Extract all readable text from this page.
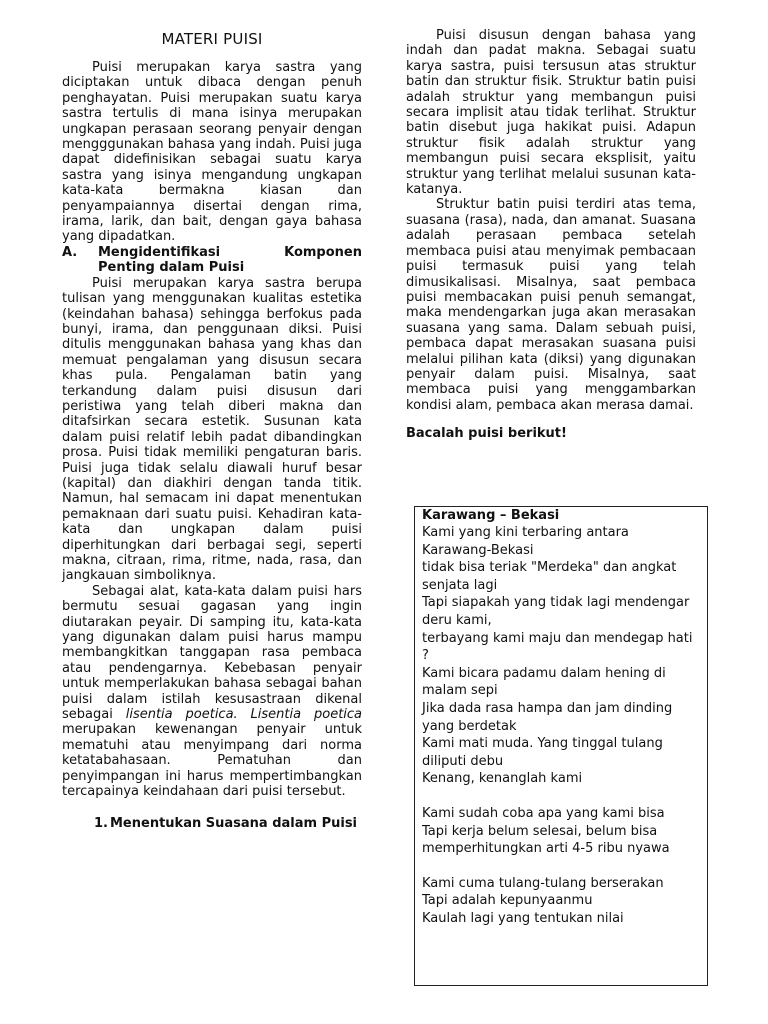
MATERI PUISI

Puisi merupakan karya sastra yang diciptakan untuk dibaca dengan penuh penghayatan. Puisi merupakan suatu karya sastra tertulis di mana isinya merupakan ungkapan perasaan seorang penyair dengan mengggunakan bahasa yang indah. Puisi juga dapat didefinisikan sebagai suatu karya sastra yang isinya mengandung ungkapan kata-kata bermakna kiasan dan penyampaiannya disertai dengan rima, irama, larik, dan bait, dengan gaya bahasa yang dipadatkan.

A.	Mengidentifikasi Komponen Penting dalam Puisi

Puisi merupakan karya sastra berupa tulisan yang menggunakan kualitas estetika (keindahan bahasa) sehingga berfokus pada bunyi, irama, dan penggunaan diksi. Puisi ditulis menggunakan bahasa yang khas dan memuat pengalaman yang disusun secara khas pula. Pengalaman batin yang terkandung dalam puisi disusun dari peristiwa yang telah diberi makna dan ditafsirkan secara estetik. Susunan kata dalam puisi relatif lebih padat dibandingkan prosa. Puisi tidak memiliki pengaturan baris. Puisi juga tidak selalu diawali huruf besar (kapital) dan diakhiri dengan tanda titik. Namun, hal semacam ini dapat menentukan pemaknaan dari suatu puisi. Kehadiran kata-kata dan ungkapan dalam puisi diperhitungkan dari berbagai segi, seperti makna, citraan, rima, ritme, nada, rasa, dan jangkauan simboliknya.

Sebagai alat, kata-kata dalam puisi hars bermutu sesuai gagasan yang ingin diutarakan peyair. Di samping itu, kata-kata yang digunakan dalam puisi harus mampu membangkitkan tanggapan rasa pembaca atau pendengarnya. Kebebasan penyair untuk memperlakukan bahasa sebagai bahan puisi dalam istilah kesusastraan dikenal sebagai lisentia poetica. Lisentia poetica merupakan kewenangan penyair untuk mematuhi atau menyimpang dari norma ketatabahasaan. Pematuhan dan penyimpangan ini harus mempertimbangkan tercapainya keindahaan dari puisi tersebut.

1. Menentukan Suasana dalam Puisi

Puisi disusun dengan bahasa yang indah dan padat makna. Sebagai suatu karya sastra, puisi tersusun atas struktur batin dan struktur fisik. Struktur batin puisi adalah struktur yang membangun puisi secara implisit atau tidak terlihat. Struktur batin disebut juga hakikat puisi. Adapun struktur fisik adalah struktur yang membangun puisi secara eksplisit, yaitu struktur yang terlihat melalui susunan kata-katanya.

Struktur batin puisi terdiri atas tema, suasana (rasa), nada, dan amanat. Suasana adalah perasaan pembaca setelah membaca puisi atau menyimak pembacaan puisi termasuk puisi yang telah dimusikalisasi. Misalnya, saat pembaca puisi membacakan puisi penuh semangat, maka mendengarkan juga akan merasakan suasana yang sama. Dalam sebuah puisi, pembaca dapat merasakan suasana puisi melalui pilihan kata (diksi) yang digunakan penyair dalam puisi. Misalnya, saat membaca puisi yang menggambarkan kondisi alam, pembaca akan merasa damai.

Bacalah puisi berikut!
Karawang – Bekasi
Kami yang kini terbaring antara Karawang-Bekasi
tidak bisa teriak "Merdeka" dan angkat senjata lagi
Tapi siapakah yang tidak lagi mendengar deru kami,
terbayang kami maju dan mendegap hati ?
Kami bicara padamu dalam hening di malam sepi
Jika dada rasa hampa dan jam dinding yang berdetak
Kami mati muda. Yang tinggal tulang diliputi debu
Kenang, kenanglah kami
Kami sudah coba apa yang kami bisa
Tapi kerja belum selesai, belum bisa memperhitungkan arti 4-5 ribu nyawa
Kami cuma tulang-tulang berserakan
Tapi adalah kepunyaanmu
Kaulah lagi yang tentukan nilai
